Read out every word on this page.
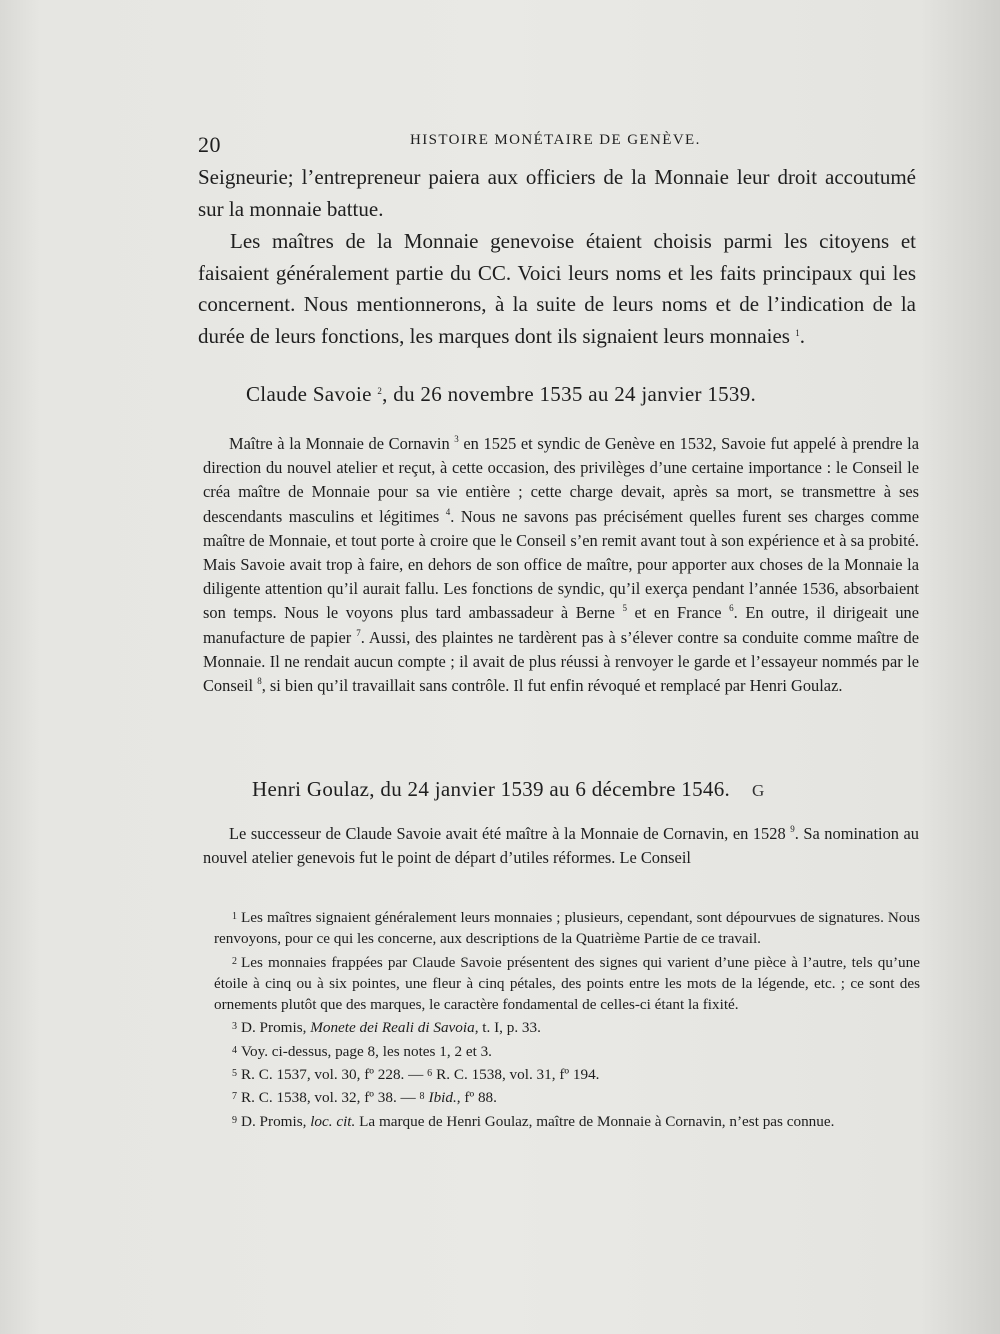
20	HISTOIRE MONÉTAIRE DE GENÈVE.
Seigneurie; l’entrepreneur paiera aux officiers de la Monnaie leur droit accoutumé sur la monnaie battue.
Les maîtres de la Monnaie genevoise étaient choisis parmi les citoyens et faisaient généralement partie du CC. Voici leurs noms et les faits principaux qui les concernent. Nous mentionnerons, à la suite de leurs noms et de l’indication de la durée de leurs fonctions, les marques dont ils signaient leurs monnaies $^1$.
Claude Savoie $^2$, du 26 novembre 1535 au 24 janvier 1539.
Maître à la Monnaie de Cornavin $^3$ en 1525 et syndic de Genève en 1532, Savoie fut appelé à prendre la direction du nouvel atelier et reçut, à cette occasion, des privilèges d’une certaine importance : le Conseil le créa maître de Monnaie pour sa vie entière ; cette charge devait, après sa mort, se transmettre à ses descendants masculins et légitimes $^4$. Nous ne savons pas précisément quelles furent ses charges comme maître de Monnaie, et tout porte à croire que le Conseil s’en remit avant tout à son expérience et à sa probité. Mais Savoie avait trop à faire, en dehors de son office de maître, pour apporter aux choses de la Monnaie la diligente attention qu’il aurait fallu. Les fonctions de syndic, qu’il exerça pendant l’année 1536, absorbaient son temps. Nous le voyons plus tard ambassadeur à Berne $^5$ et en France $^6$. En outre, il dirigeait une manufacture de papier $^7$. Aussi, des plaintes ne tardèrent pas à s’élever contre sa conduite comme maître de Monnaie. Il ne rendait aucun compte ; il avait de plus réussi à renvoyer le garde et l’essayeur nommés par le Conseil $^8$, si bien qu’il travaillait sans contrôle. Il fut enfin révoqué et remplacé par Henri Goulaz.
Henri Goulaz, du 24 janvier 1539 au 6 décembre 1546. G
Le successeur de Claude Savoie avait été maître à la Monnaie de Cornavin, en 1528 $^9$. Sa nomination au nouvel atelier genevois fut le point de départ d’utiles réformes. Le Conseil

1 Les maîtres signaient généralement leurs monnaies ; plusieurs, cependant, sont dépourvues de signatures. Nous renvoyons, pour ce qui les concerne, aux descriptions de la Quatrième Partie de ce travail.

2 Les monnaies frappées par Claude Savoie présentent des signes qui varient d’une pièce à l’autre, tels qu’une étoile à cinq ou à six pointes, une fleur à cinq pétales, des points entre les mots de la légende, etc. ; ce sont des ornements plutôt que des marques, le caractère fondamental de celles-ci étant la fixité.

3 D. Promis, Monete dei Reali di Savoia, t. I, p. 33.

4 Voy. ci-dessus, page 8, les notes 1, 2 et 3.

5 R. C. 1537, vol. 30, fº 228. — 6 R. C. 1538, vol. 31, fº 194.

7 R. C. 1538, vol. 32, fº 38. — 8 Ibid., fº 88.

9 D. Promis, loc. cit. La marque de Henri Goulaz, maître de Monnaie à Cornavin, n’est pas connue.
